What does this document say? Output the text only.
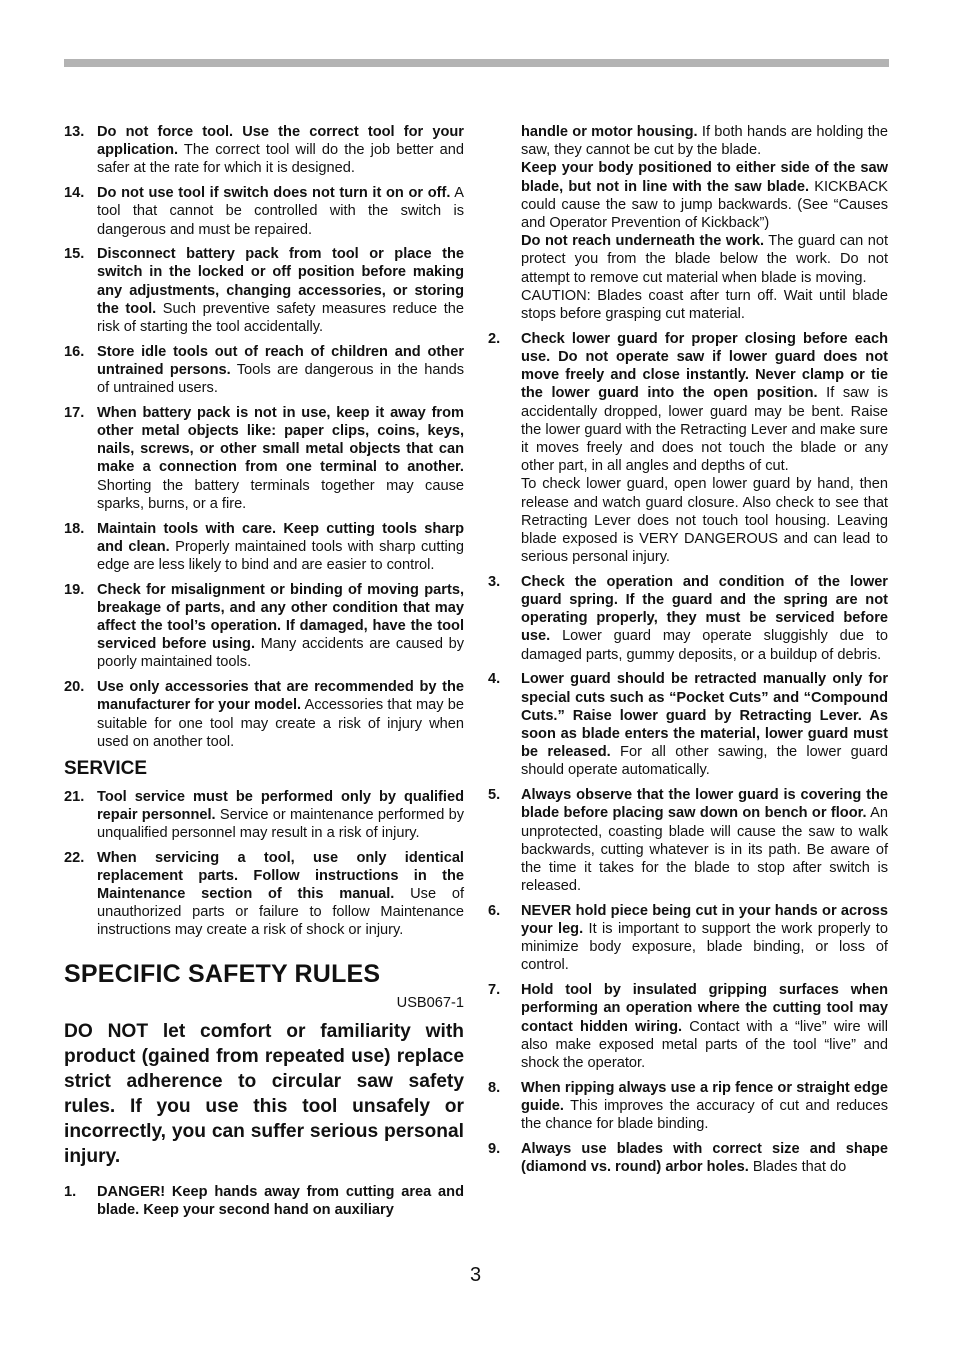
13. Do not force tool. Use the correct tool for your application. The correct tool will do the job better and safer at the rate for which it is designed.
14. Do not use tool if switch does not turn it on or off. A tool that cannot be controlled with the switch is dangerous and must be repaired.
15. Disconnect battery pack from tool or place the switch in the locked or off position before making any adjustments, changing accessories, or storing the tool. Such preventive safety measures reduce the risk of starting the tool accidentally.
16. Store idle tools out of reach of children and other untrained persons. Tools are dangerous in the hands of untrained users.
17. When battery pack is not in use, keep it away from other metal objects like: paper clips, coins, keys, nails, screws, or other small metal objects that can make a connection from one terminal to another. Shorting the battery terminals together may cause sparks, burns, or a fire.
18. Maintain tools with care. Keep cutting tools sharp and clean. Properly maintained tools with sharp cutting edge are less likely to bind and are easier to control.
19. Check for misalignment or binding of moving parts, breakage of parts, and any other condition that may affect the tool’s operation. If damaged, have the tool serviced before using. Many accidents are caused by poorly maintained tools.
20. Use only accessories that are recommended by the manufacturer for your model. Accessories that may be suitable for one tool may create a risk of injury when used on another tool.
SERVICE
21. Tool service must be performed only by qualified repair personnel. Service or maintenance performed by unqualified personnel may result in a risk of injury.
22. When servicing a tool, use only identical replacement parts. Follow instructions in the Maintenance section of this manual. Use of unauthorized parts or failure to follow Maintenance instructions may create a risk of shock or injury.
SPECIFIC SAFETY RULES
USB067-1
DO NOT let comfort or familiarity with product (gained from repeated use) replace strict adherence to circular saw safety rules. If you use this tool unsafely or incorrectly, you can suffer serious personal injury.
1.	DANGER! Keep hands away from cutting area and blade. Keep your second hand on auxiliary
handle or motor housing. If both hands are holding the saw, they cannot be cut by the blade.
Keep your body positioned to either side of the saw blade, but not in line with the saw blade. KICKBACK could cause the saw to jump backwards. (See “Causes and Operator Prevention of Kickback”)
Do not reach underneath the work. The guard can not protect you from the blade below the work. Do not attempt to remove cut material when blade is moving.
CAUTION: Blades coast after turn off. Wait until blade stops before grasping cut material.
2.	Check lower guard for proper closing before each use. Do not operate saw if lower guard does not move freely and close instantly. Never clamp or tie the lower guard into the open position. If saw is accidentally dropped, lower guard may be bent. Raise the lower guard with the Retracting Lever and make sure it moves freely and does not touch the blade or any other part, in all angles and depths of cut.
To check lower guard, open lower guard by hand, then release and watch guard closure. Also check to see that Retracting Lever does not touch tool housing. Leaving blade exposed is VERY DANGEROUS and can lead to serious personal injury.
3.	Check the operation and condition of the lower guard spring. If the guard and the spring are not operating properly, they must be serviced before use. Lower guard may operate sluggishly due to damaged parts, gummy deposits, or a buildup of debris.
4.	Lower guard should be retracted manually only for special cuts such as “Pocket Cuts” and “Compound Cuts.” Raise lower guard by Retracting Lever. As soon as blade enters the material, lower guard must be released. For all other sawing, the lower guard should operate automatically.
5.	Always observe that the lower guard is covering the blade before placing saw down on bench or floor. An unprotected, coasting blade will cause the saw to walk backwards, cutting whatever is in its path. Be aware of the time it takes for the blade to stop after switch is released.
6.	NEVER hold piece being cut in your hands or across your leg. It is important to support the work properly to minimize body exposure, blade binding, or loss of control.
7.	Hold tool by insulated gripping surfaces when performing an operation where the cutting tool may contact hidden wiring. Contact with a “live” wire will also make exposed metal parts of the tool “live” and shock the operator.
8.	When ripping always use a rip fence or straight edge guide. This improves the accuracy of cut and reduces the chance for blade binding.
9.	Always use blades with correct size and shape (diamond vs. round) arbor holes. Blades that do
3
